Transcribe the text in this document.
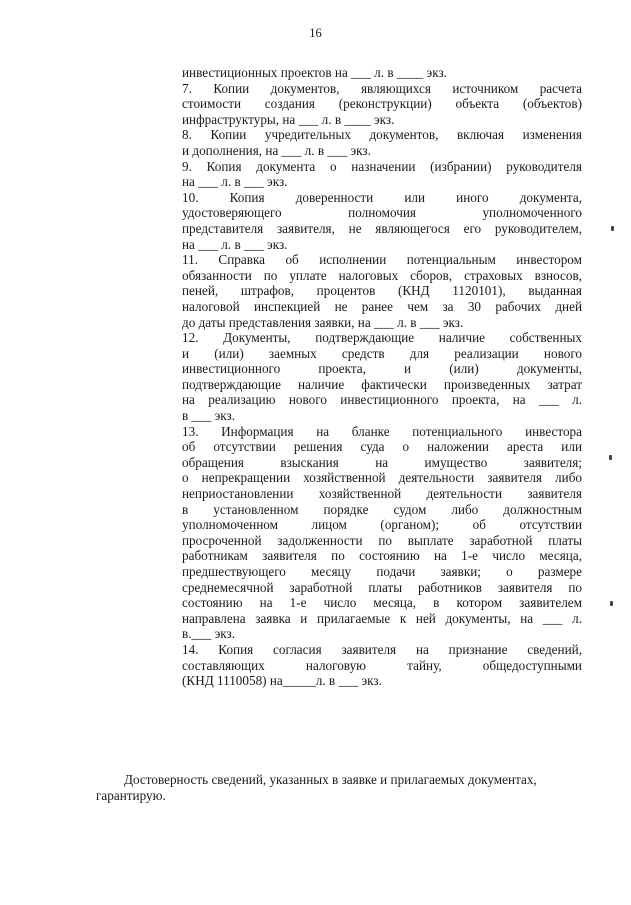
16
инвестиционных проектов на ___ л. в ____ экз.
7. Копии документов, являющихся источником расчета
стоимости создания (реконструкции) объекта (объектов)
инфраструктуры, на ___ л. в ____ экз.
8. Копии учредительных документов, включая изменения
и дополнения, на ___ л. в ___ экз.
9. Копия документа о назначении (избрании) руководителя
на ___ л. в ___ экз.
10. Копия доверенности или иного документа,
удостоверяющего полномочия уполномоченного
представителя заявителя, не являющегося его руководителем,
на ___ л. в ___ экз.
11. Справка об исполнении потенциальным инвестором
обязанности по уплате налоговых сборов, страховых взносов,
пеней, штрафов, процентов (КНД 1120101), выданная
налоговой инспекцией не ранее чем за 30 рабочих дней
до даты представления заявки, на ___ л. в ___ экз.
12. Документы, подтверждающие наличие собственных
и (или) заемных средств для реализации нового
инвестиционного проекта, и (или) документы,
подтверждающие наличие фактически произведенных затрат
на реализацию нового инвестиционного проекта, на ___ л.
в ___ экз.
13. Информация на бланке потенциального инвестора
об отсутствии решения суда о наложении ареста или
обращения взыскания на имущество заявителя;
о непрекращении хозяйственной деятельности заявителя либо
неприостановлении хозяйственной деятельности заявителя
в установленном порядке судом либо должностным
уполномоченном лицом (органом); об отсутствии
просроченной задолженности по выплате заработной платы
работникам заявителя по состоянию на 1-е число месяца,
предшествующего месяцу подачи заявки; о размере
среднемесячной заработной платы работников заявителя по
состоянию на 1-е число месяца, в котором заявителем
направлена заявка и прилагаемые к ней документы, на ___ л.
в.___ экз.
14. Копия согласия заявителя на признание сведений,
составляющих налоговую тайну, общедоступными
(КНД 1110058) на_____л. в ___ экз.
Достоверность сведений, указанных в заявке и прилагаемых документах,
гарантирую.
